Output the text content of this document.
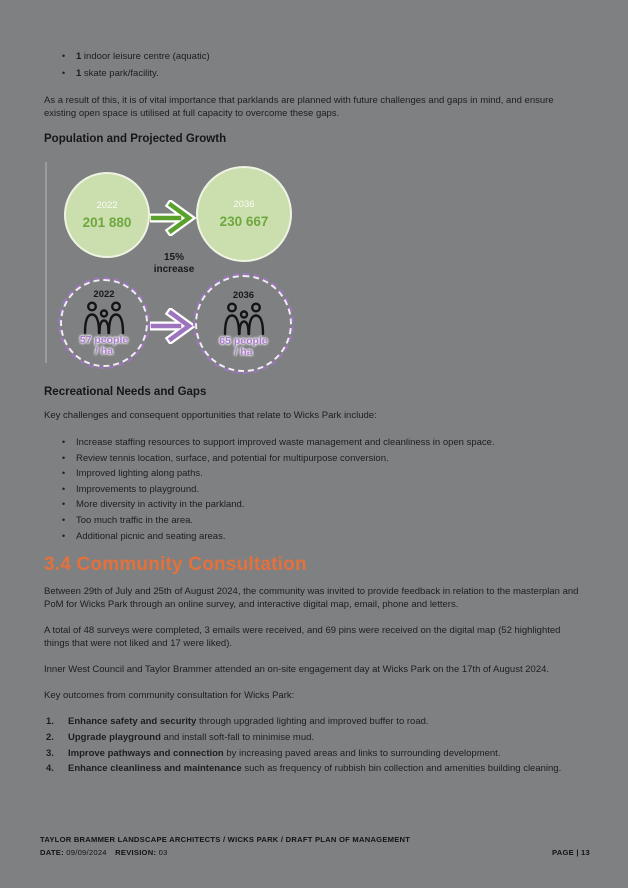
• 1 indoor leisure centre (aquatic)
• 1 skate park/facility.

As a result of this, it is of vital importance that parklands are planned with future challenges and gaps in mind, and ensure existing open space is utilised at full capacity to overcome these gaps.

Population and Projected Growth
2022
201 880
2036
230 667
15%
increase
2022
57 people
/ ha
2036
65 people
/ ha
Recreational Needs and Gaps

Key challenges and consequent opportunities that relate to Wicks Park include:

• Increase staffing resources to support improved waste management and cleanliness in open space.
• Review tennis location, surface, and potential for multipurpose conversion.
• Improved lighting along paths.
• Improvements to playground.
• More diversity in activity in the parkland.
• Too much traffic in the area.
• Additional picnic and seating areas.
3.4 Community Consultation

Between 29th of July and 25th of August 2024, the community was invited to provide feedback in relation to the masterplan and PoM for Wicks Park through an online survey, and interactive digital map, email, phone and letters.

A total of 48 surveys were completed, 3 emails were received, and 69 pins were received on the digital map (52 highlighted things that were not liked and 17 were liked).

Inner West Council and Taylor Brammer attended an on-site engagement day at Wicks Park on the 17th of August 2024.

Key outcomes from community consultation for Wicks Park:

1. Enhance safety and security through upgraded lighting and improved buffer to road.
2. Upgrade playground and install soft-fall to minimise mud.
3. Improve pathways and connection by increasing paved areas and links to surrounding development.
4. Enhance cleanliness and maintenance such as frequency of rubbish bin collection and amenities building cleaning.
TAYLOR BRAMMER LANDSCAPE ARCHITECTS / WICKS PARK / DRAFT PLAN OF MANAGEMENT
DATE: 09/09/2024 REVISION: 03	PAGE | 13
